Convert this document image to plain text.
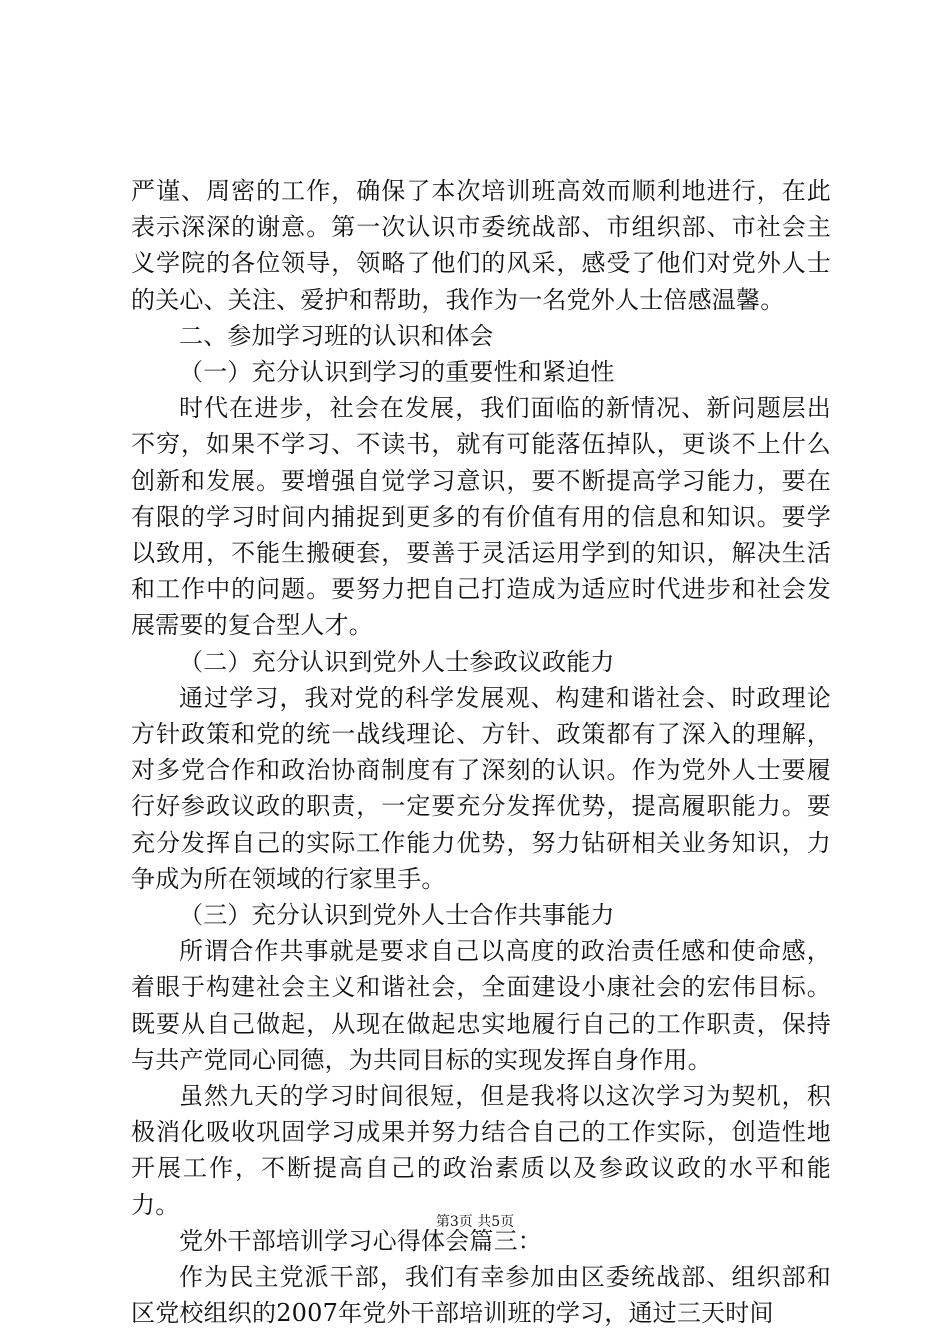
严谨、周密的工作，确保了本次培训班高效而顺利地进行，在此表示深深的谢意。第一次认识市委统战部、市组织部、市社会主义学院的各位领导，领略了他们的风采，感受了他们对党外人士的关心、关注、爱护和帮助，我作为一名党外人士倍感温馨。

二、参加学习班的认识和体会

（一）充分认识到学习的重要性和紧迫性

时代在进步，社会在发展，我们面临的新情况、新问题层出不穷，如果不学习、不读书，就有可能落伍掉队，更谈不上什么创新和发展。要增强自觉学习意识，要不断提高学习能力，要在有限的学习时间内捕捉到更多的有价值有用的信息和知识。要学以致用，不能生搬硬套，要善于灵活运用学到的知识，解决生活和工作中的问题。要努力把自己打造成为适应时代进步和社会发展需要的复合型人才。

（二）充分认识到党外人士参政议政能力

通过学习，我对党的科学发展观、构建和谐社会、时政理论方针政策和党的统一战线理论、方针、政策都有了深入的理解，对多党合作和政治协商制度有了深刻的认识。作为党外人士要履行好参政议政的职责，一定要充分发挥优势，提高履职能力。要充分发挥自己的实际工作能力优势，努力钻研相关业务知识，力争成为所在领域的行家里手。

（三）充分认识到党外人士合作共事能力

所谓合作共事就是要求自己以高度的政治责任感和使命感，着眼于构建社会主义和谐社会，全面建设小康社会的宏伟目标。既要从自己做起，从现在做起忠实地履行自己的工作职责，保持与共产党同心同德，为共同目标的实现发挥自身作用。

虽然九天的学习时间很短，但是我将以这次学习为契机，积极消化吸收巩固学习成果并努力结合自己的工作实际，创造性地开展工作，不断提高自己的政治素质以及参政议政的水平和能力。

党外干部培训学习心得体会篇三：

作为民主党派干部，我们有幸参加由区委统战部、组织部和区党校组织的2007年党外干部培训班的学习，通过三天时间

第3页 共5页
